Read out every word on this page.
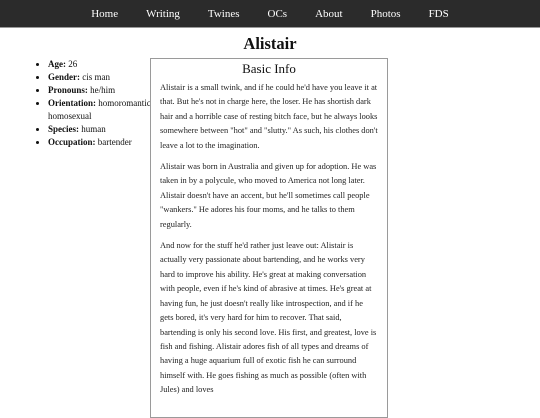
Home	Writing	Twines	OCs	About	Photos	FDS
Alistair
• Age: 26
• Gender: cis man
• Pronouns: he/him
• Orientation: homoromantic homosexual
• Species: human
• Occupation: bartender
Basic Info

Alistair is a small twink, and if he could he'd have you leave it at that. But he's not in charge here, the loser. He has shortish dark hair and a horrible case of resting bitch face, but he always looks somewhere between "hot" and "slutty." As such, his clothes don't leave a lot to the imagination.

Alistair was born in Australia and given up for adoption. He was taken in by a polycule, who moved to America not long later. Alistair doesn't have an accent, but he'll sometimes call people "wankers." He adores his four moms, and he talks to them regularly.

And now for the stuff he'd rather just leave out: Alistair is actually very passionate about bartending, and he works very hard to improve his ability. He's great at making conversation with people, even if he's kind of abrasive at times. He's great at having fun, he just doesn't really like introspection, and if he gets bored, it's very hard for him to recover. That said, bartending is only his second love. His first, and greatest, love is fish and fishing. Alistair adores fish of all types and dreams of having a huge aquarium full of exotic fish he can surround himself with. He goes fishing as much as possible (often with Jules) and loves
